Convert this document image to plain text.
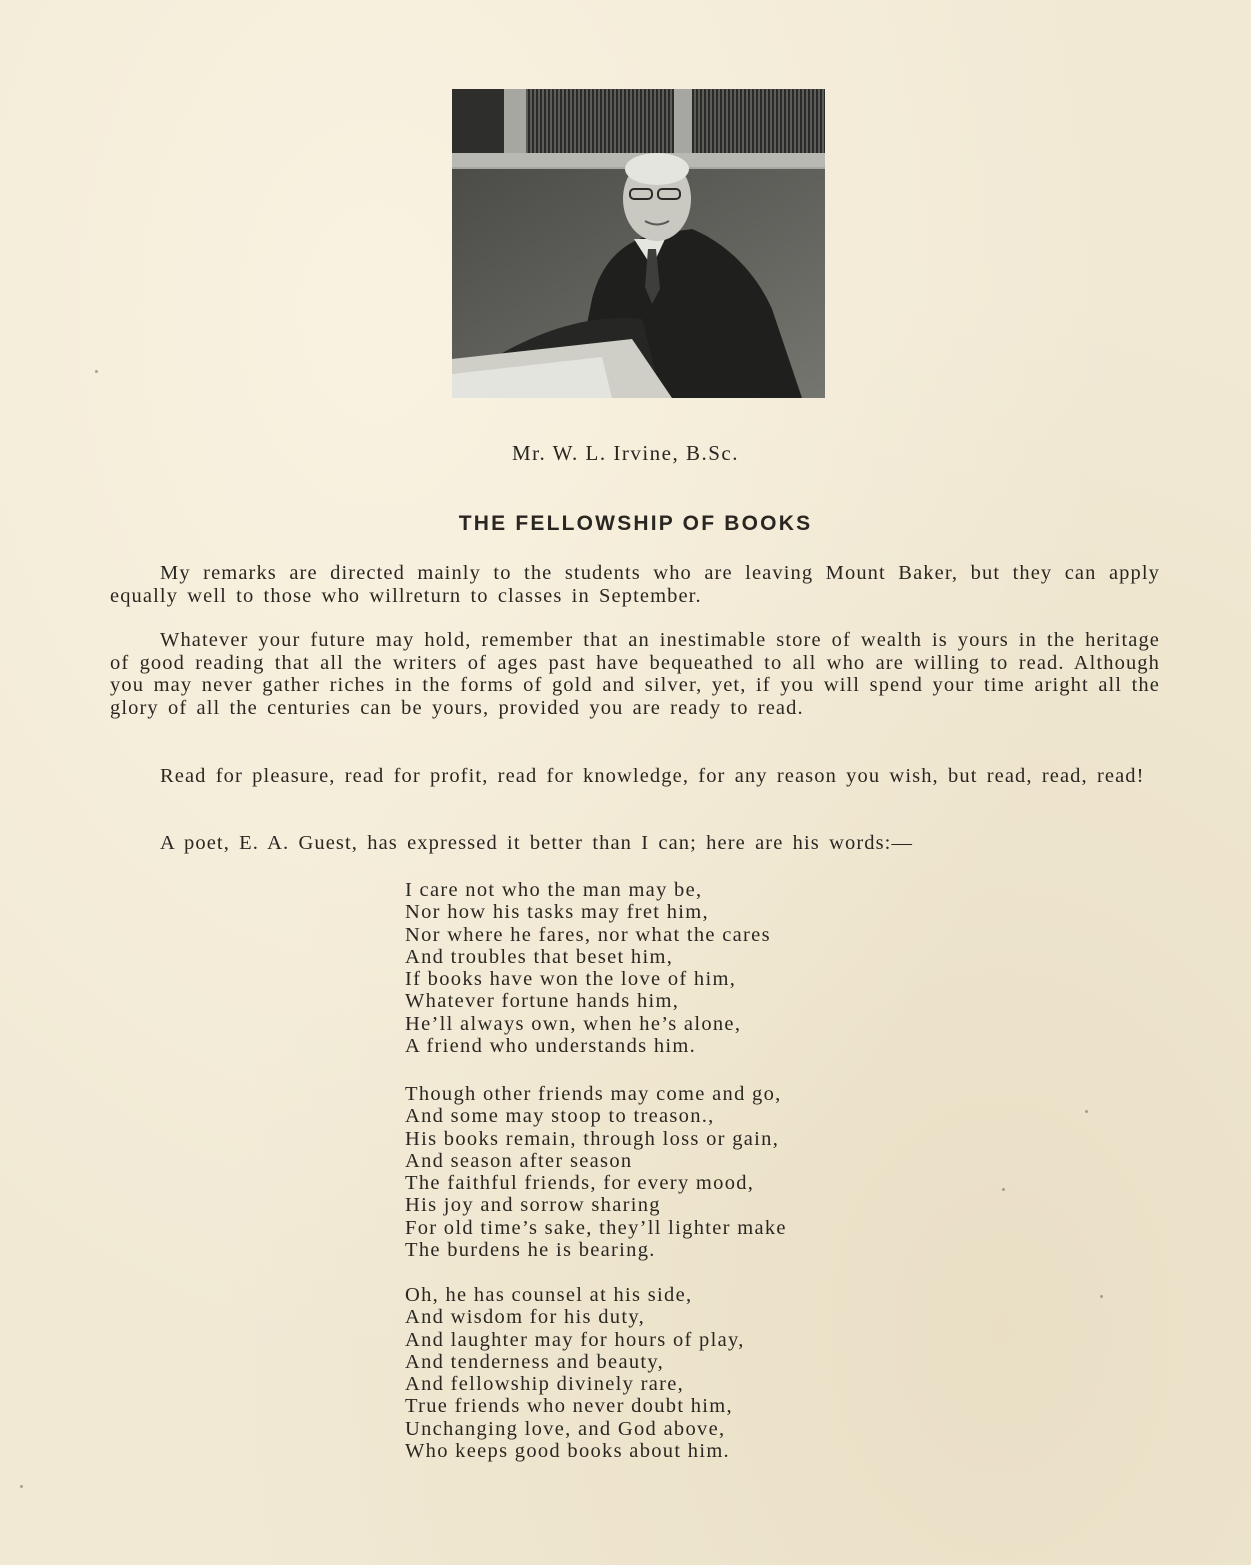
Mr. W. L. Irvine, B.Sc.
THE FELLOWSHIP OF BOOKS

My remarks are directed mainly to the students who are leaving Mount Baker, but they can apply equally well to those who willreturn to classes in September.

Whatever your future may hold, remember that an inestimable store of wealth is yours in the heritage of good reading that all the writers of ages past have bequeathed to all who are willing to read. Although you may never gather riches in the forms of gold and silver, yet, if you will spend your time aright all the glory of all the centuries can be yours, provided you are ready to read.

Read for pleasure, read for profit, read for knowledge, for any reason you wish, but read, read, read!

A poet, E. A. Guest, has expressed it better than I can; here are his words:—

I care not who the man may be,
Nor how his tasks may fret him,
Nor where he fares, nor what the cares
And troubles that beset him,
If books have won the love of him,
Whatever fortune hands him,
He’ll always own, when he’s alone,
A friend who understands him.
Though other friends may come and go,
And some may stoop to treason.,
His books remain, through loss or gain,
And season after season
The faithful friends, for every mood,
His joy and sorrow sharing
For old time’s sake, they’ll lighter make
The burdens he is bearing.
Oh, he has counsel at his side,
And wisdom for his duty,
And laughter may for hours of play,
And tenderness and beauty,
And fellowship divinely rare,
True friends who never doubt him,
Unchanging love, and God above,
Who keeps good books about him.
